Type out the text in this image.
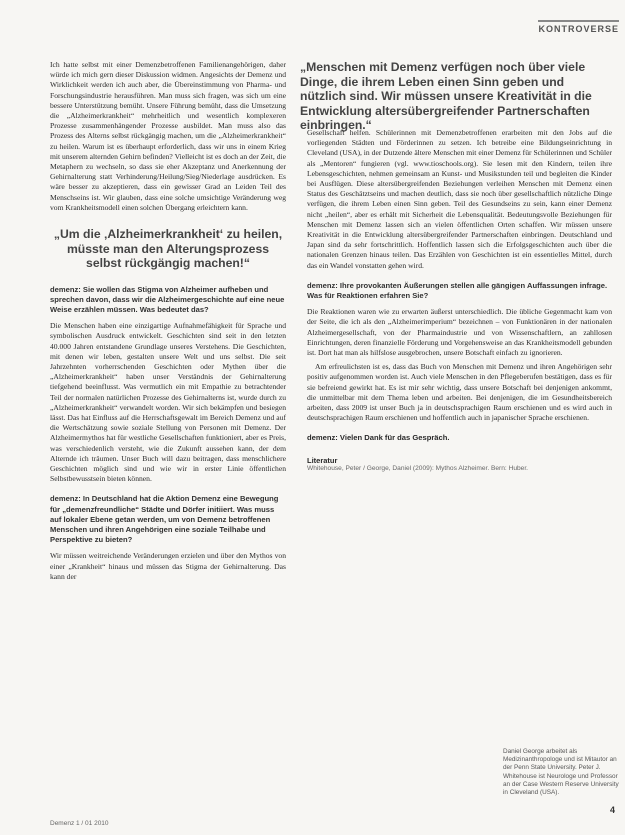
KONTROVERSE
„Menschen mit Demenz verfügen noch über viele Dinge, die ihrem Leben einen Sinn geben und nützlich sind. Wir müssen unsere Kreativität in die Entwicklung altersübergreifender Partnerschaften einbringen.“

Ich hatte selbst mit einer Demenzbetroffenen Familienangehörigen, daher würde ich mich gern dieser Diskussion widmen. Angesichts der Demenz und Wirklichkeit werden ich auch aber, die Übereinstimmung von Pharma- und Forschungsindustrie herausführen. Man muss sich fragen, was sich um eine bessere Unterstützung bemüht. Unsere Führung bemüht, dass die Umsetzung die „Alzheimerkrankheit“ mehrheitlich und wesentlich komplexeren Prozesse zusammenhängender Prozesse ausbildet. Man muss also das Prozess des Alterns selbst rückgängig machen, um die „Alzheimerkrankheit“ zu heilen. Warum ist es überhaupt erforderlich, dass wir uns in einem Krieg mit unserem alternden Gehirn befinden? Vielleicht ist es doch an der Zeit, die Metaphern zu wechseln, so dass sie eher Akzeptanz und Anerkennung der Gehirnalterung statt Verhinderung/Heilung/Sieg/Niederlage ausdrücken. Es wäre besser zu akzeptieren, dass ein gewisser Grad an Leiden Teil des Menschseins ist. Wir glauben, dass eine solche umsichtige Veränderung weg vom Krankheitsmodell einen solchen Übergang erleichtern kann.

„Um die ‚Alzheimerkrankheit‘ zu heilen, müsste man den Alterungsprozess selbst rückgängig machen!“
demenz: Sie wollen das Stigma von Alzheimer aufheben und sprechen davon, dass wir die Alzheimergeschichte auf eine neue Weise erzählen müssen. Was bedeutet das?

Die Menschen haben eine einzigartige Aufnahmefähigkeit für Sprache und symbolischen Ausdruck entwickelt. Geschichten sind seit in den letzten 40.000 Jahren entstandene Grundlage unseres Verstehens. Die Geschichten, mit denen wir leben, gestalten unsere Welt und uns selbst. Die seit Jahrzehnten vorherrschenden Geschichten oder Mythen über die „Alzheimerkrankheit“ haben unser Verständnis der Gehirnalterung tiefgehend beeinflusst. Was vermutlich ein mit Empathie zu betrachtender Teil der normalen natürlichen Prozesse des Gehirnalterns ist, wurde durch zu „Alzheimerkrankheit“ verwandelt worden. Wir sich bekämpfen und besiegen lässt. Das hat Einfluss auf die Herrschaftsgewalt im Bereich Demenz und auf die Wertschätzung sowie soziale Stellung von Personen mit Demenz. Der Alzheimermythos hat für westliche Gesellschaften funktioniert, aber es Preis, was verschiedenlich versteht, wie die Zukunft aussehen kann, der dem Alternde ich träumen. Unser Buch will dazu beitragen, dass menschlichere Geschichten möglich sind und wie wir in erster Linie öffentlichen Selbstbewusstsein bieten können.

demenz: In Deutschland hat die Aktion Demenz eine Bewegung für „demenzfreundliche“ Städte und Dörfer initiiert. Was muss auf lokaler Ebene getan werden, um von Demenz betroffenen Menschen und ihren Angehörigen eine soziale Teilhabe und Perspektive zu bieten?

Wir müssen weitreichende Veränderungen erzielen und über den Mythos von einer „Krankheit“ hinaus und müssen das Stigma der Gehirnalterung. Das kann der

Gesellschaft helfen. Schülerinnen mit Demenzbetroffenen erarbeiten mit den Jobs auf die vorliegenden Städten und Förderinnen zu setzen. Ich betreibe eine Bildungseinrichtung in Cleveland (USA), in der Dutzende ältere Menschen mit einer Demenz für Schülerinnen und Schüler als „Mentoren“ fungieren (vgl. www.tioschools.org). Sie lesen mit den Kindern, teilen ihre Lebensgeschichten, nehmen gemeinsam an Kunst- und Musikstunden teil und begleiten die Kinder bei Ausflügen. Diese altersübergreifenden Beziehungen verleihen Menschen mit Demenz einen Status des Geschätztseins und machen deutlich, dass sie noch über gesellschaftlich nützliche Dinge verfügen, die ihrem Leben einen Sinn geben. Teil des Gesundseins zu sein, kann einer Demenz nicht „heilen“, aber es erhält mit Sicherheit die Lebensqualität. Bedeutungsvolle Beziehungen für Menschen mit Demenz lassen sich an vielen öffentlichen Orten schaffen. Wir müssen unsere Kreativität in die Entwicklung altersübergreifender Partnerschaften einbringen. Deutschland und Japan sind da sehr fortschrittlich. Hoffentlich lassen sich die Erfolgsgeschichten auch über die nationalen Grenzen hinaus teilen. Das Erzählen von Geschichten ist ein essentielles Mittel, durch das ein Wandel vonstatten gehen wird.

demenz: Ihre provokanten Äußerungen stellen alle gängigen Auffassungen infrage. Was für Reaktionen erfahren Sie?

Die Reaktionen waren wie zu erwarten äußerst unterschiedlich. Die übliche Gegenmacht kam von der Seite, die ich als den „Alzheimerimperium“ bezeichnen – von Funktionären in der nationalen Alzheimergesellschaft, von der Pharmaindustrie und von Wissenschaftlern, an zahllosen Einrichtungen, deren finanzielle Förderung und Vorgehensweise an das Krankheitsmodell gebunden ist. Dort hat man als hilfslose ausgebrochen, unsere Botschaft einfach zu ignorieren.

Am erfreulichsten ist es, dass das Buch von Menschen mit Demenz und ihren Angehörigen sehr positiv aufgenommen worden ist. Auch viele Menschen in den Pflegeberufen bestätigen, dass es für sie befreiend gewirkt hat. Es ist mir sehr wichtig, dass unsere Botschaft bei denjenigen ankommt, die unmittelbar mit dem Thema leben und arbeiten. Bei denjenigen, die im Gesundheitsbereich arbeiten, dass 2009 ist unser Buch ja in deutschsprachigen Raum erschienen und es wird auch in deutschsprachigen Raum erschienen und hoffentlich auch in japanischer Sprache erschienen.

demenz: Vielen Dank für das Gespräch.
Literatur
Whitehouse, Peter / George, Daniel (2009): Mythos Alzheimer. Bern: Huber.
Daniel George arbeitet als Medizinanthropologe und ist Mitautor an der Penn State University. Peter J. Whitehouse ist Neurologe und Professor an der Case Western Reserve University in Cleveland (USA).
Demenz 1 / 01 2010
4
